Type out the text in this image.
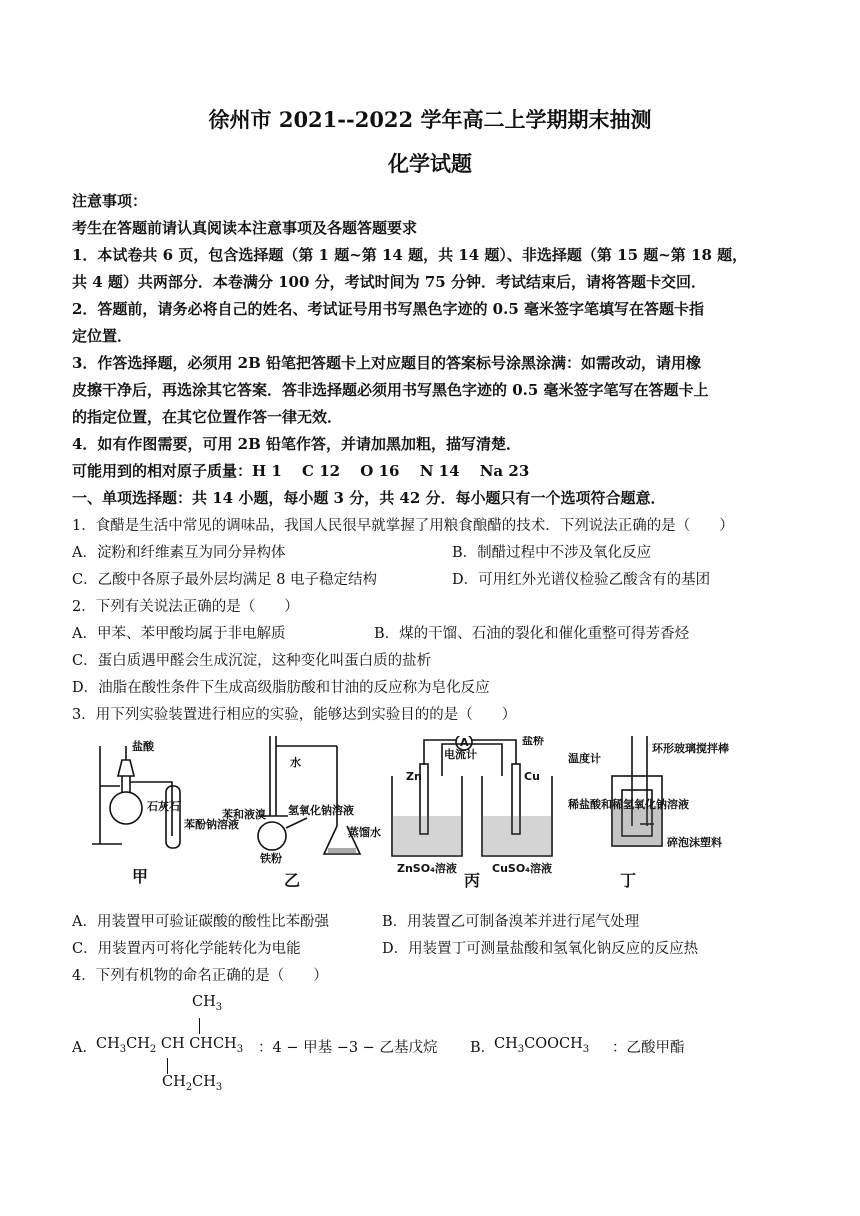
徐州市 2021--2022 学年高二上学期期末抽测
化学试题
注意事项：
考生在答题前请认真阅读本注意事项及各题答题要求
1．本试卷共 6 页，包含选择题（第 1 题~第 14 题，共 14 题）、非选择题（第 15 题~第 18 题，
共 4 题）共两部分．本卷满分 100 分，考试时间为 75 分钟．考试结束后，请将答题卡交回．
2．答题前，请务必将自己的姓名、考试证号用书写黑色字迹的 0.5 毫米签字笔填写在答题卡指
定位置．
3．作答选择题，必须用 2B 铅笔把答题卡上对应题目的答案标号涂黑涂满：如需改动，请用橡
皮擦干净后，再选涂其它答案．答非选择题必须用书写黑色字迹的 0.5 毫米签字笔写在答题卡上
的指定位置，在其它位置作答一律无效．
4．如有作图需要，可用 2B 铅笔作答，并请加黑加粗，描写清楚．
可能用到的相对原子质量：H 1　 C 12 　O 16 　N 14　 Na 23
一、单项选择题：共 14 小题，每小题 3 分，共 42 分．每小题只有一个选项符合题意．
1．食醋是生活中常见的调味品，我国人民很早就掌握了用粮食酿醋的技术．下列说法正确的是（　　）
A．淀粉和纤维素互为同分异构体	B．制醋过程中不涉及氧化反应
C．乙酸中各原子最外层均满足 8 电子稳定结构	D．可用红外光谱仪检验乙酸含有的基团
2．下列有关说法正确的是（　　）
A．甲苯、苯甲酸均属于非电解质	B．煤的干馏、石油的裂化和催化重整可得芳香烃
C．蛋白质遇甲醛会生成沉淀，这种变化叫蛋白质的盐析
D．油脂在酸性条件下生成高级脂肪酸和甘油的反应称为皂化反应
3．用下列实验装置进行相应的实验，能够达到实验目的的是（　　）
盐酸
石灰石
苯酚钠溶液
水
苯和液溴 氢氧化钠溶液
铁粉
蒸馏水
A
电流计
盐桥
Zn	Cu
ZnSO₄溶液	CuSO₄溶液
温度计
环形玻璃搅拌棒
稀盐酸和稀氢氧化钠溶液
碎泡沫塑料
甲	乙	丙	丁
A．用装置甲可验证碳酸的酸性比苯酚强	B．用装置乙可制备溴苯并进行尾气处理
C．用装置丙可将化学能转化为电能	D．用装置丁可测量盐酸和氢氧化钠反应的反应热
4．下列有机物的命名正确的是（　　）
$CH_3$
A． $CH_3CH_2$ CH $CHCH_3$ ：4 − 甲基 −3 − 乙基戊烷
$CH_2CH_3$
B．
$CH_3COOCH_3$ ：乙酸甲酯
